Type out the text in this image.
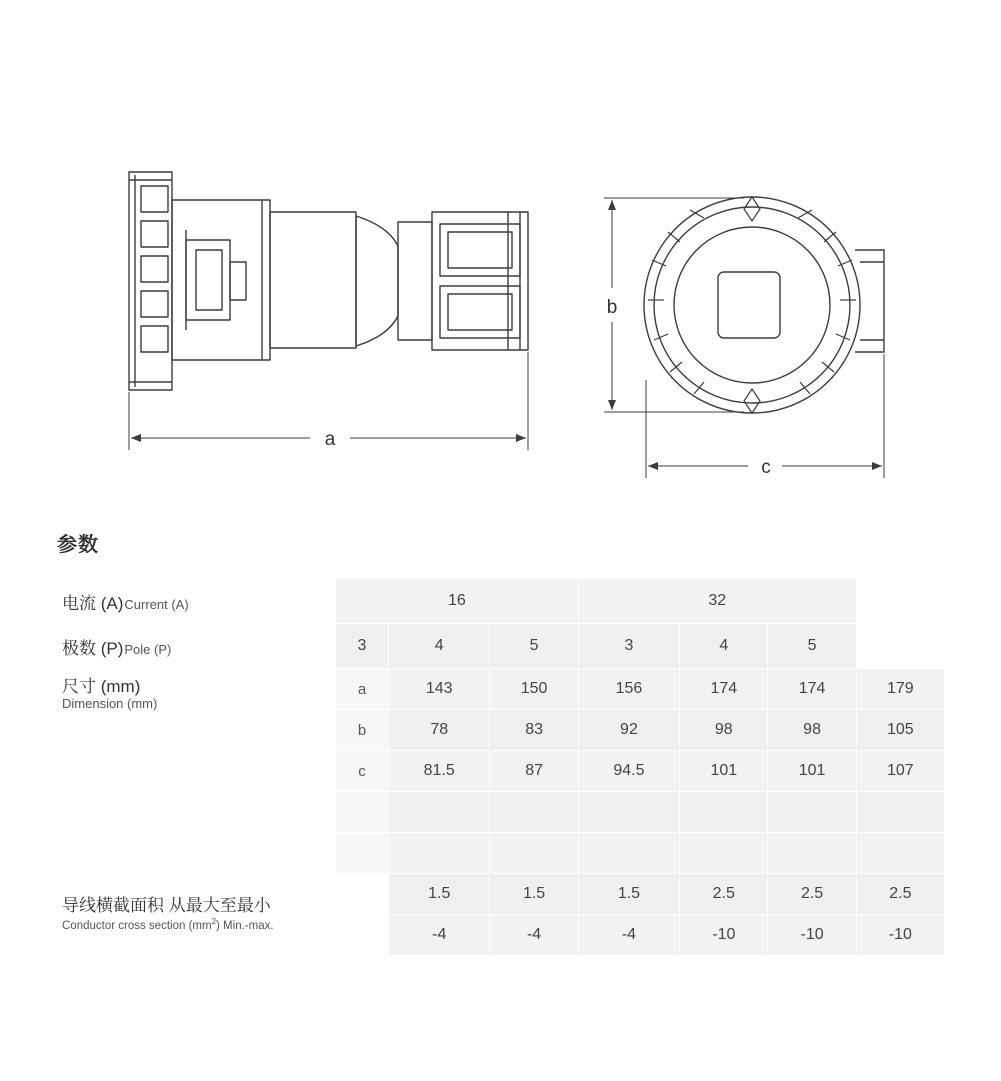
a
b
c
参数
电流 (A)Current (A)	16			32			
极数 (P)Pole (P)	3	4	5	3	4	5	

尺寸 (mm)
Dimension (mm)	a	143	150	156	174	174	179
	b	78	83	92	98	98	105
	c	81.5	87	94.5	101	101	107

导线横截面积 从最大至最小
Conductor cross section $(mm^2)$ Min.-max.		1.5	1.5	1.5	2.5	2.5	2.5
		-4	-4	-4	-10	-10	-10
